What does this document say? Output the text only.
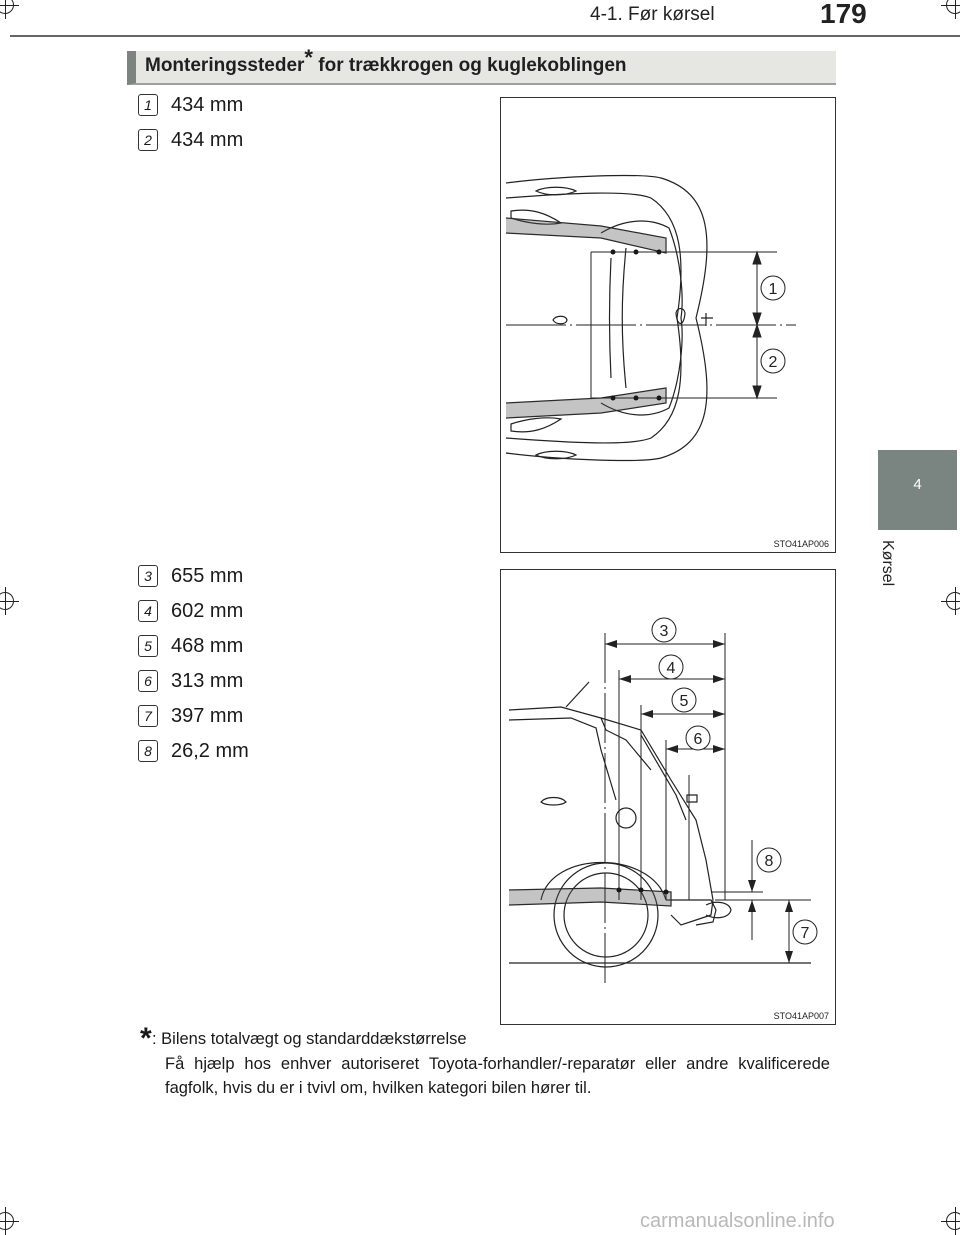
4-1. Før kørsel	179
4
Kørsel
Monteringssteder* for trækkrogen og kuglekoblingen
1 434 mm
2 434 mm
1
2
STO41AP006
3 655 mm
4 602 mm
5 468 mm
6 313 mm
7 397 mm
8 26,2 mm
3
4
5
6
8
7
STO41AP007
* : Bilens totalvægt og standarddækstørrelse
Få hjælp hos enhver autoriseret Toyota-forhandler/-reparatør eller andre kvalificerede fagfolk, hvis du er i tvivl om, hvilken kategori bilen hører til.
carmanualsonline.info
